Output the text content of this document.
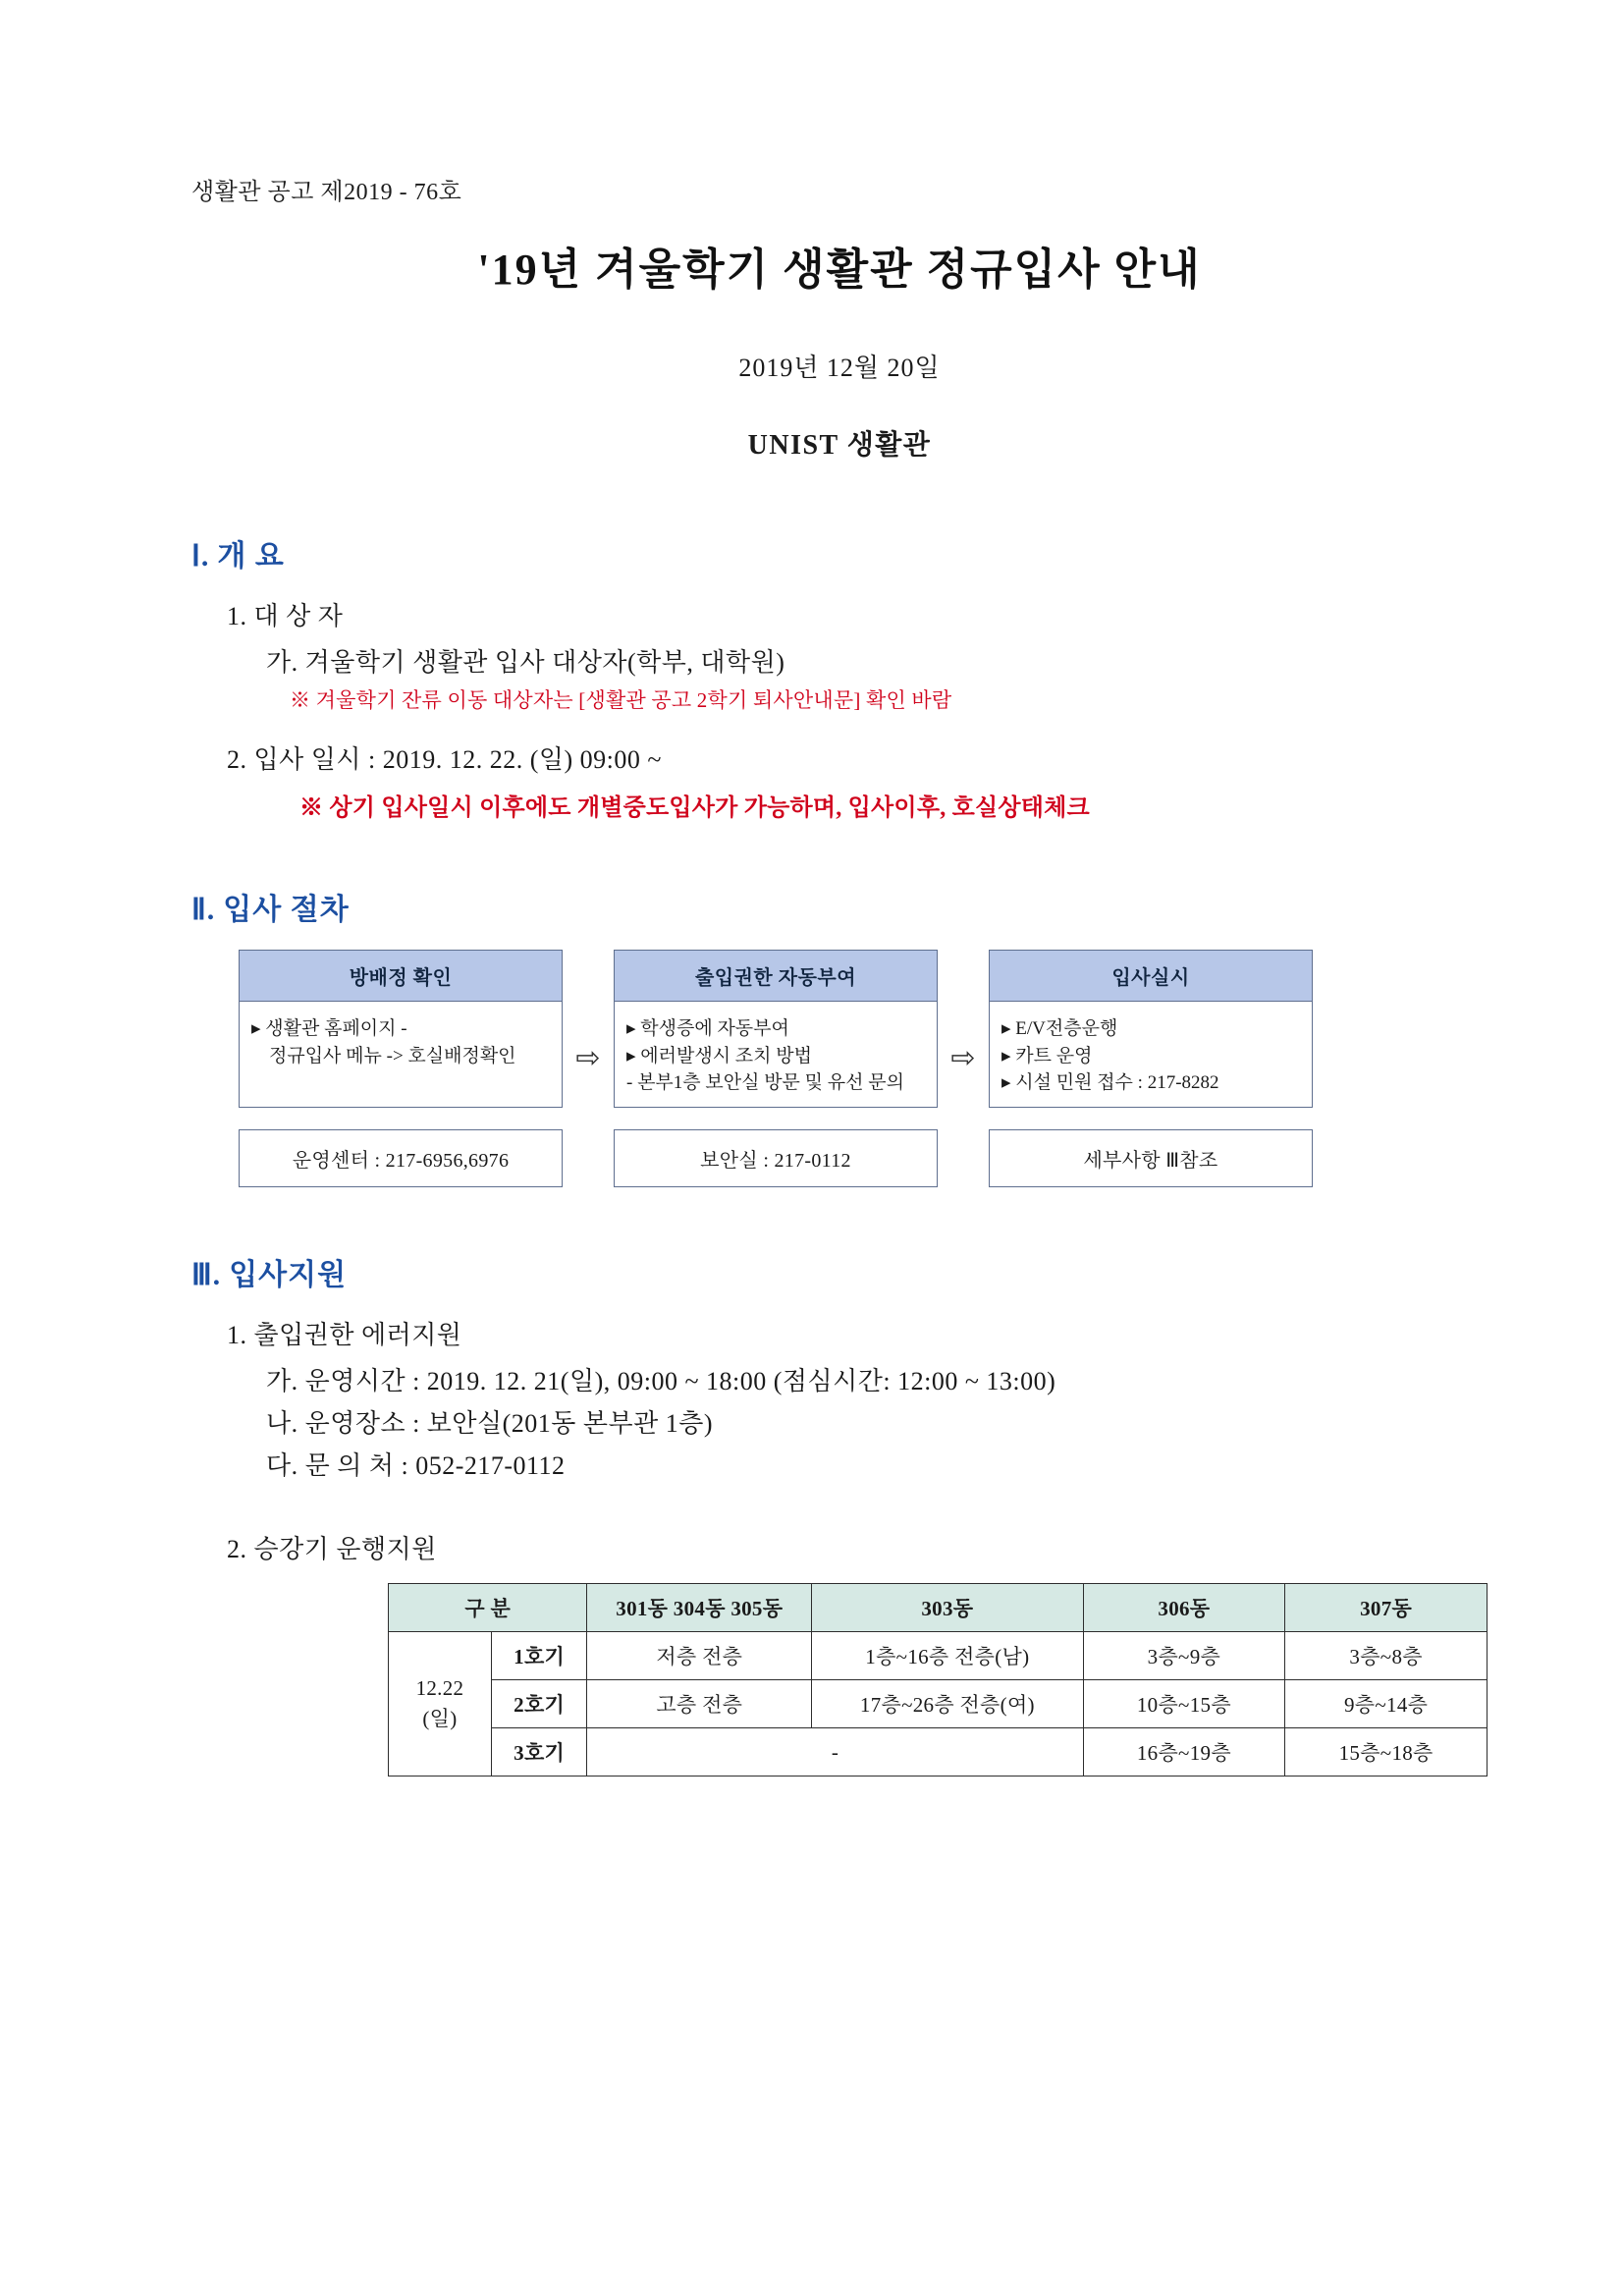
생활관 공고 제2019 - 76호
'19년 겨울학기 생활관 정규입사 안내
2019년 12월 20일
UNIST 생활관
Ⅰ. 개 요
1. 대 상 자
가. 겨울학기 생활관 입사 대상자(학부, 대학원)
※ 겨울학기 잔류 이동 대상자는 [생활관 공고 2학기 퇴사안내문] 확인 바람
2. 입사 일시 : 2019. 12. 22. (일) 09:00 ~
※ 상기 입사일시 이후에도 개별중도입사가 가능하며, 입사이후, 호실상태체크
Ⅱ. 입사 절차
방배정 확인
▸ 생활관 홈페이지 -
정규입사 메뉴 -> 호실배정확인
운영센터 : 217-6956,6976
⇨
출입권한 자동부여
▸ 학생증에 자동부여
▸ 에러발생시 조치 방법
- 본부1층 보안실 방문 및 유선 문의
보안실 : 217-0112
⇨
입사실시
▸ E/V전층운행
▸ 카트 운영
▸ 시설 민원 접수 : 217-8282
세부사항 Ⅲ참조
Ⅲ. 입사지원
1. 출입권한 에러지원
가. 운영시간 : 2019. 12. 21(일), 09:00 ~ 18:00 (점심시간: 12:00 ~ 13:00)
나. 운영장소 : 보안실(201동 본부관 1층)
다. 문 의 처 : 052-217-0112
2. 승강기 운행지원
구 분		301동 304동 305동	303동	306동	307동
12.22
(일)	1호기	저층 전층	1층~16층 전층(남)	3층~9층	3층~8층
	2호기	고층 전층	17층~26층 전층(여)	10층~15층	9층~14층
	3호기	-		16층~19층	15층~18층
